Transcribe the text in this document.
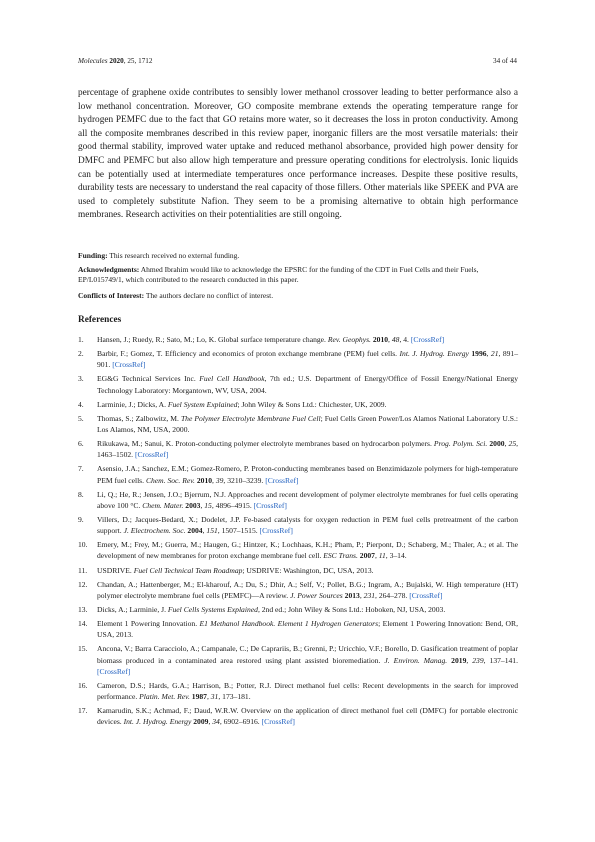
Molecules 2020, 25, 1712	34 of 44

percentage of graphene oxide contributes to sensibly lower methanol crossover leading to better performance also a low methanol concentration. Moreover, GO composite membrane extends the operating temperature range for hydrogen PEMFC due to the fact that GO retains more water, so it decreases the loss in proton conductivity. Among all the composite membranes described in this review paper, inorganic fillers are the most versatile materials: their good thermal stability, improved water uptake and reduced methanol absorbance, provided high power density for DMFC and PEMFC but also allow high temperature and pressure operating conditions for electrolysis. Ionic liquids can be potentially used at intermediate temperatures once performance increases. Despite these positive results, durability tests are necessary to understand the real capacity of those fillers. Other materials like SPEEK and PVA are used to completely substitute Nafion. They seem to be a promising alternative to obtain high performance membranes. Research activities on their potentialities are still ongoing.

Funding: This research received no external funding.

Acknowledgments: Ahmed Ibrahim would like to acknowledge the EPSRC for the funding of the CDT in Fuel Cells and their Fuels, EP/L015749/1, which contributed to the research conducted in this paper.

Conflicts of Interest: The authors declare no conflict of interest.

References
1.	Hansen, J.; Ruedy, R.; Sato, M.; Lo, K. Global surface temperature change. Rev. Geophys. 2010, 48, 4. [CrossRef]
2.	Barbir, F.; Gomez, T. Efficiency and economics of proton exchange membrane (PEM) fuel cells. Int. J. Hydrog. Energy 1996, 21, 891–901. [CrossRef]
3.	EG&G Technical Services Inc. Fuel Cell Handbook, 7th ed.; U.S. Department of Energy/Office of Fossil Energy/National Energy Technology Laboratory: Morgantown, WV, USA, 2004.
4.	Larminie, J.; Dicks, A. Fuel System Explained; John Wiley & Sons Ltd.: Chichester, UK, 2009.
5.	Thomas, S.; Zalbowitz, M. The Polymer Electrolyte Membrane Fuel Cell; Fuel Cells Green Power/Los Alamos National Laboratory U.S.: Los Alamos, NM, USA, 2000.
6.	Rikukawa, M.; Sanui, K. Proton-conducting polymer electrolyte membranes based on hydrocarbon polymers. Prog. Polym. Sci. 2000, 25, 1463–1502. [CrossRef]
7.	Asensio, J.A.; Sanchez, E.M.; Gomez-Romero, P. Proton-conducting membranes based on Benzimidazole polymers for high-temperature PEM fuel cells. Chem. Soc. Rev. 2010, 39, 3210–3239. [CrossRef]
8.	Li, Q.; He, R.; Jensen, J.O.; Bjerrum, N.J. Approaches and recent development of polymer electrolyte membranes for fuel cells operating above 100 °C. Chem. Mater. 2003, 15, 4896–4915. [CrossRef]
9.	Villers, D.; Jacques-Bedard, X.; Dodelet, J.P. Fe-based catalysts for oxygen reduction in PEM fuel cells pretreatment of the carbon support. J. Electrochem. Soc. 2004, 151, 1507–1515. [CrossRef]
10.	Emery, M.; Frey, M.; Guerra, M.; Haugen, G.; Hintzer, K.; Lochhaas, K.H.; Pham, P.; Pierpont, D.; Schaberg, M.; Thaler, A.; et al. The development of new membranes for proton exchange membrane fuel cell. ESC Trans. 2007, 11, 3–14.
11.	USDRIVE. Fuel Cell Technical Team Roadmap; USDRIVE: Washington, DC, USA, 2013.
12.	Chandan, A.; Hattenberger, M.; El-kharouf, A.; Du, S.; Dhir, A.; Self, V.; Pollet, B.G.; Ingram, A.; Bujalski, W. High temperature (HT) polymer electrolyte membrane fuel cells (PEMFC)—A review. J. Power Sources 2013, 231, 264–278. [CrossRef]
13.	Dicks, A.; Larminie, J. Fuel Cells Systems Explained, 2nd ed.; John Wiley & Sons Ltd.: Hoboken, NJ, USA, 2003.
14.	Element 1 Powering Innovation. E1 Methanol Handbook. Element 1 Hydrogen Generators; Element 1 Powering Innovation: Bend, OR, USA, 2013.
15.	Ancona, V.; Barra Caracciolo, A.; Campanale, C.; De Caprariis, B.; Grenni, P.; Uricchio, V.F.; Borello, D. Gasification treatment of poplar biomass produced in a contaminated area restored using plant assisted bioremediation. J. Environ. Manag. 2019, 239, 137–141. [CrossRef]
16.	Cameron, D.S.; Hards, G.A.; Harrison, B.; Potter, R.J. Direct methanol fuel cells: Recent developments in the search for improved performance. Platin. Met. Rev. 1987, 31, 173–181.
17.	Kamarudin, S.K.; Achmad, F.; Daud, W.R.W. Overview on the application of direct methanol fuel cell (DMFC) for portable electronic devices. Int. J. Hydrog. Energy 2009, 34, 6902–6916. [CrossRef]
